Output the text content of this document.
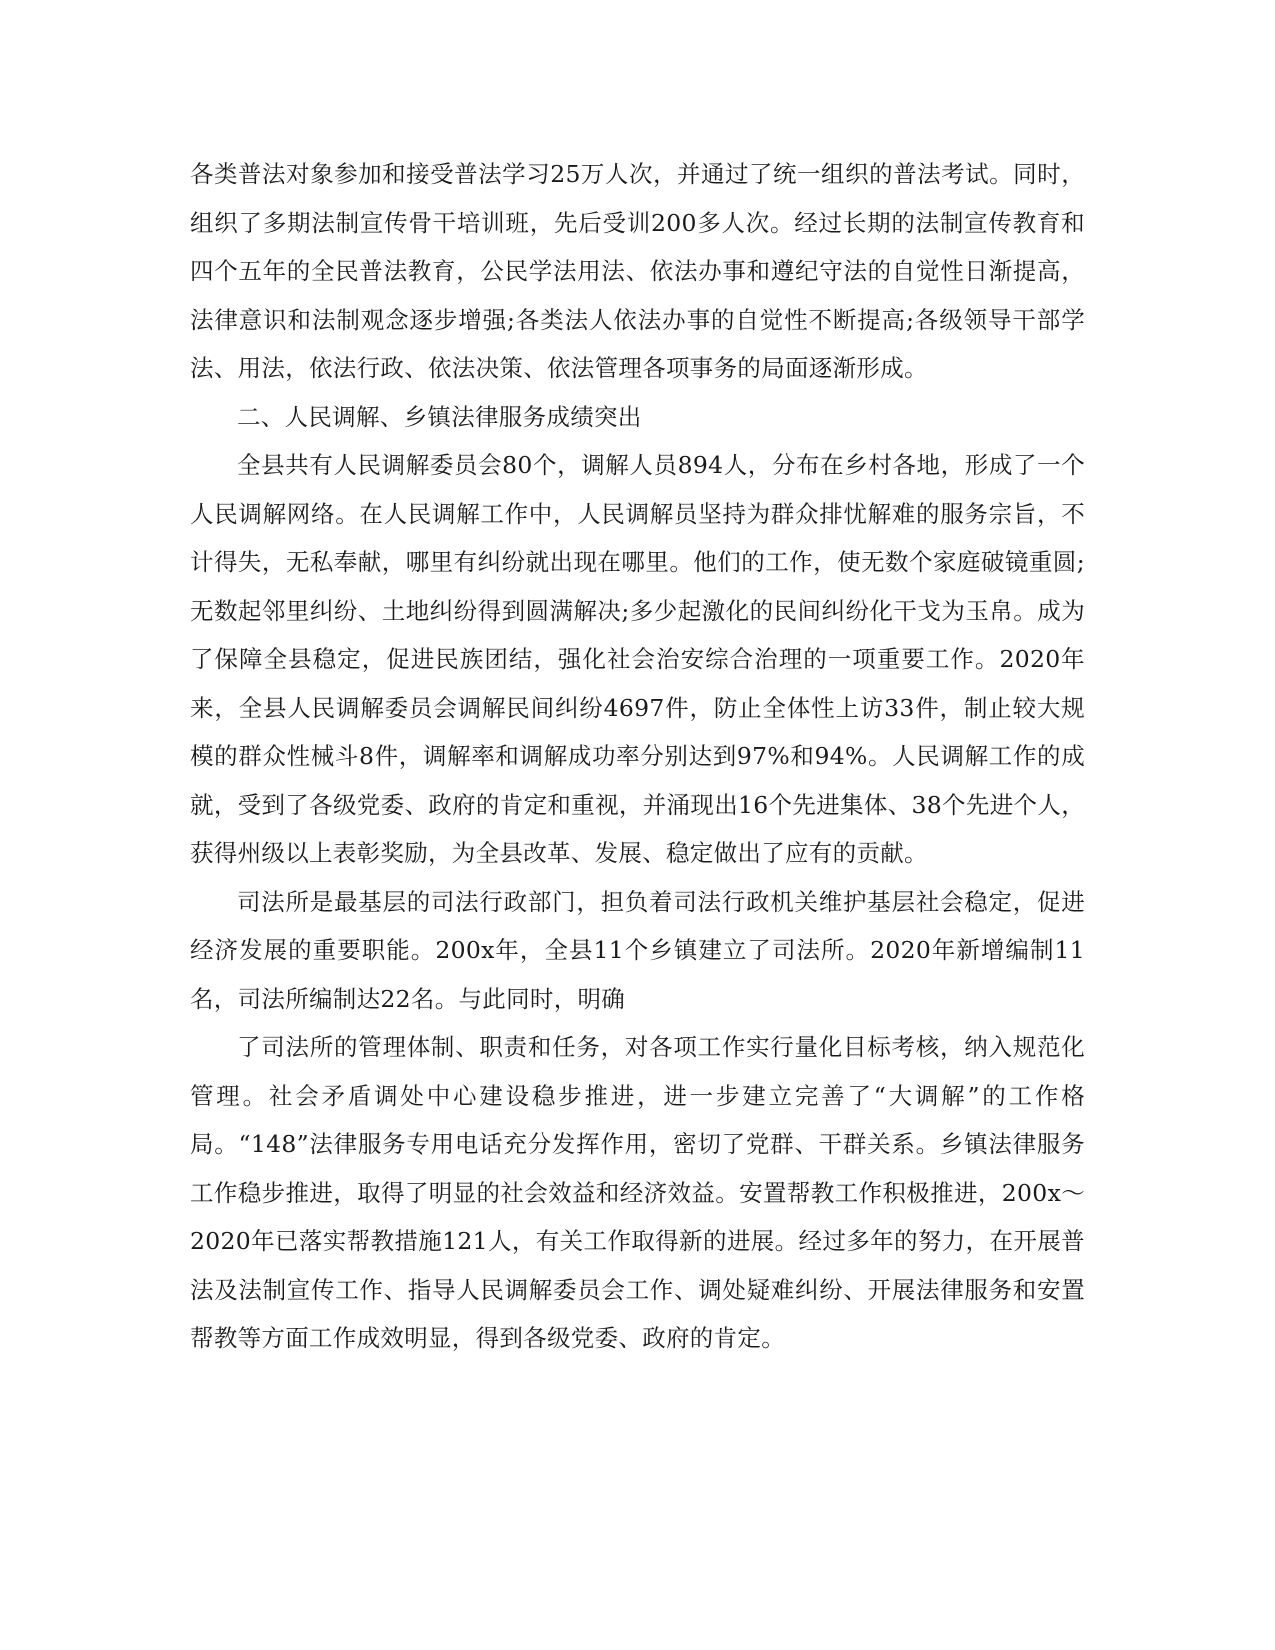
各类普法对象参加和接受普法学习25万人次，并通过了统一组织的普法考试。同时，组织了多期法制宣传骨干培训班，先后受训200多人次。经过长期的法制宣传教育和四个五年的全民普法教育，公民学法用法、依法办事和遵纪守法的自觉性日渐提高，法律意识和法制观念逐步增强;各类法人依法办事的自觉性不断提高;各级领导干部学法、用法，依法行政、依法决策、依法管理各项事务的局面逐渐形成。

二、人民调解、乡镇法律服务成绩突出

全县共有人民调解委员会80个，调解人员894人，分布在乡村各地，形成了一个人民调解网络。在人民调解工作中，人民调解员坚持为群众排忧解难的服务宗旨，不计得失，无私奉献，哪里有纠纷就出现在哪里。他们的工作，使无数个家庭破镜重圆;无数起邻里纠纷、土地纠纷得到圆满解决;多少起激化的民间纠纷化干戈为玉帛。成为了保障全县稳定，促进民族团结，强化社会治安综合治理的一项重要工作。2020年来，全县人民调解委员会调解民间纠纷4697件，防止全体性上访33件，制止较大规模的群众性械斗8件，调解率和调解成功率分别达到97%和94%。人民调解工作的成就，受到了各级党委、政府的肯定和重视，并涌现出16个先进集体、38个先进个人，获得州级以上表彰奖励，为全县改革、发展、稳定做出了应有的贡献。

司法所是最基层的司法行政部门，担负着司法行政机关维护基层社会稳定，促进经济发展的重要职能。200x年，全县11个乡镇建立了司法所。2020年新增编制11名，司法所编制达22名。与此同时，明确

了司法所的管理体制、职责和任务，对各项工作实行量化目标考核，纳入规范化管理。社会矛盾调处中心建设稳步推进，进一步建立完善了“大调解”的工作格局。“148”法律服务专用电话充分发挥作用，密切了党群、干群关系。乡镇法律服务工作稳步推进，取得了明显的社会效益和经济效益。安置帮教工作积极推进，200x～2020年已落实帮教措施121人，有关工作取得新的进展。经过多年的努力，在开展普法及法制宣传工作、指导人民调解委员会工作、调处疑难纠纷、开展法律服务和安置帮教等方面工作成效明显，得到各级党委、政府的肯定。
